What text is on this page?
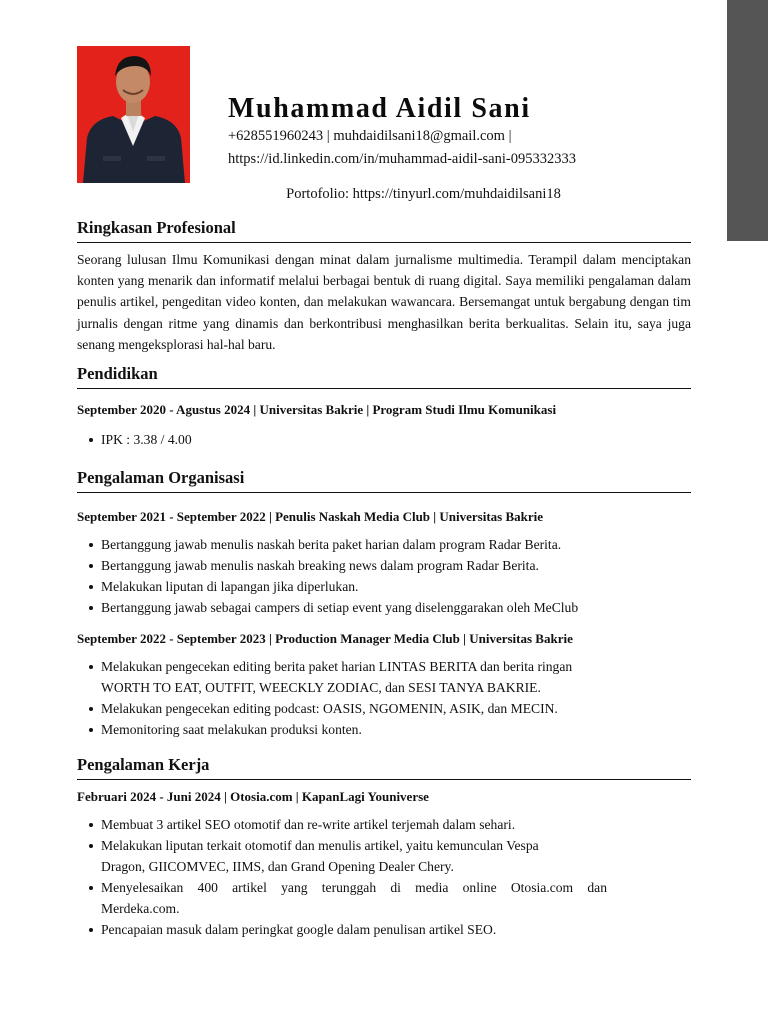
Muhammad Aidil Sani
+628551960243 | muhdaidilsani18@gmail.com |
https://id.linkedin.com/in/muhammad-aidil-sani-095332333
Portofolio: https://tinyurl.com/muhdaidilsani18
Ringkasan Profesional

Seorang lulusan Ilmu Komunikasi dengan minat dalam jurnalisme multimedia. Terampil dalam menciptakan konten yang menarik dan informatif melalui berbagai bentuk di ruang digital. Saya memiliki pengalaman dalam penulis artikel, pengeditan video konten, dan melakukan wawancara. Bersemangat untuk bergabung dengan tim jurnalis dengan ritme yang dinamis dan berkontribusi menghasilkan berita berkualitas. Selain itu, saya juga senang mengeksplorasi hal-hal baru.

Pendidikan
September 2020 - Agustus 2024 | Universitas Bakrie | Program Studi Ilmu Komunikasi
IPK : 3.38 / 4.00
Pengalaman Organisasi
September 2021 - September 2022 | Penulis Naskah Media Club | Universitas Bakrie
Bertanggung jawab menulis naskah berita paket harian dalam program Radar Berita.
Bertanggung jawab menulis naskah breaking news dalam program Radar Berita.
Melakukan liputan di lapangan jika diperlukan.
Bertanggung jawab sebagai campers di setiap event yang diselenggarakan oleh MeClub
September 2022 - September 2023 | Production Manager Media Club | Universitas Bakrie
Melakukan pengecekan editing berita paket harian LINTAS BERITA dan berita ringan
WORTH TO EAT, OUTFIT, WEECKLY ZODIAC, dan SESI TANYA BAKRIE.
Melakukan pengecekan editing podcast: OASIS, NGOMENIN, ASIK, dan MECIN.
Memonitoring saat melakukan produksi konten.
Pengalaman Kerja
Februari 2024 - Juni 2024 | Otosia.com | KapanLagi Youniverse
Membuat 3 artikel SEO otomotif dan re-write artikel terjemah dalam sehari.
Melakukan liputan terkait otomotif dan menulis artikel, yaitu kemunculan Vespa
Dragon, GIICOMVEC, IIMS, dan Grand Opening Dealer Chery.
Menyelesaikan 400 artikel yang terunggah di media online Otosia.com dan
Merdeka.com.
Pencapaian masuk dalam peringkat google dalam penulisan artikel SEO.
